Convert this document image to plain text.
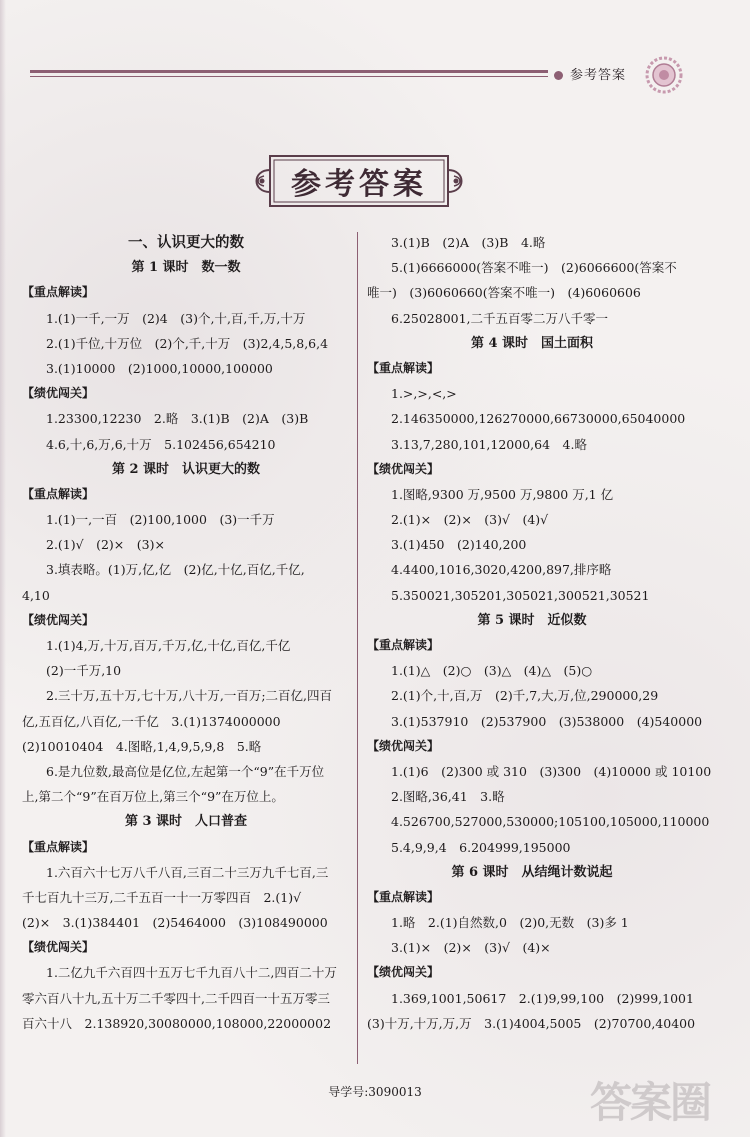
参考答案
参考答案
一、认识更大的数
第 1 课时　数一数
【重点解读】
1.(1)一千,一万　(2)4　(3)个,十,百,千,万,十万
2.(1)千位,十万位　(2)个,千,十万　(3)2,4,5,8,6,4
3.(1)10000　(2)1000,10000,100000
【绩优闯关】
1.23300,12230　2.略　3.(1)B　(2)A　(3)B
4.6,十,6,万,6,十万　5.102456,654210
第 2 课时　认识更大的数
【重点解读】
1.(1)一,一百　(2)100,1000　(3)一千万
2.(1)√　(2)×　(3)×
3.填表略。(1)万,亿,亿　(2)亿,十亿,百亿,千亿,
4,10
【绩优闯关】
1.(1)4,万,十万,百万,千万,亿,十亿,百亿,千亿
(2)一千万,10
2.三十万,五十万,七十万,八十万,一百万;二百亿,四百
亿,五百亿,八百亿,一千亿　3.(1)1374000000
(2)10010404　4.图略,1,4,9,5,9,8　5.略
6.是九位数,最高位是亿位,左起第一个“9”在千万位
上,第二个“9”在百万位上,第三个“9”在万位上。
第 3 课时　人口普查
【重点解读】
1.六百六十七万八千八百,三百二十三万九千七百,三
千七百九十三万,二千五百一十一万零四百　2.(1)√
(2)×　3.(1)384401　(2)5464000　(3)108490000
【绩优闯关】
1.二亿九千六百四十五万七千九百八十二,四百二十万
零六百八十九,五十万二千零四十,二千四百一十五万零三
百六十八　2.138920,30080000,108000,22000002
3.(1)B　(2)A　(3)B　4.略
5.(1)6666000(答案不唯一)　(2)6066600(答案不
唯一)　(3)6060660(答案不唯一)　(4)6060606
6.25028001,二千五百零二万八千零一
第 4 课时　国土面积
【重点解读】
1.>,>,<,>
2.146350000,126270000,66730000,65040000
3.13,7,280,101,12000,64　4.略
【绩优闯关】
1.图略,9300 万,9500 万,9800 万,1 亿
2.(1)×　(2)×　(3)√　(4)√
3.(1)450　(2)140,200
4.4400,1016,3020,4200,897,排序略
5.350021,305201,305021,300521,30521
第 5 课时　近似数
【重点解读】
1.(1)△　(2)○　(3)△　(4)△　(5)○
2.(1)个,十,百,万　(2)千,7,大,万,位,290000,29
3.(1)537910　(2)537900　(3)538000　(4)540000
【绩优闯关】
1.(1)6　(2)300 或 310　(3)300　(4)10000 或 10100
2.图略,36,41　3.略
4.526700,527000,530000;105100,105000,110000
5.4,9,9,4　6.204999,195000
第 6 课时　从结绳计数说起
【重点解读】
1.略　2.(1)自然数,0　(2)0,无数　(3)多 1
3.(1)×　(2)×　(3)√　(4)×
【绩优闯关】
1.369,1001,50617　2.(1)9,99,100　(2)999,1001
(3)十万,十万,万,万　3.(1)4004,5005　(2)70700,40400
导学号:3090013	答案圈
